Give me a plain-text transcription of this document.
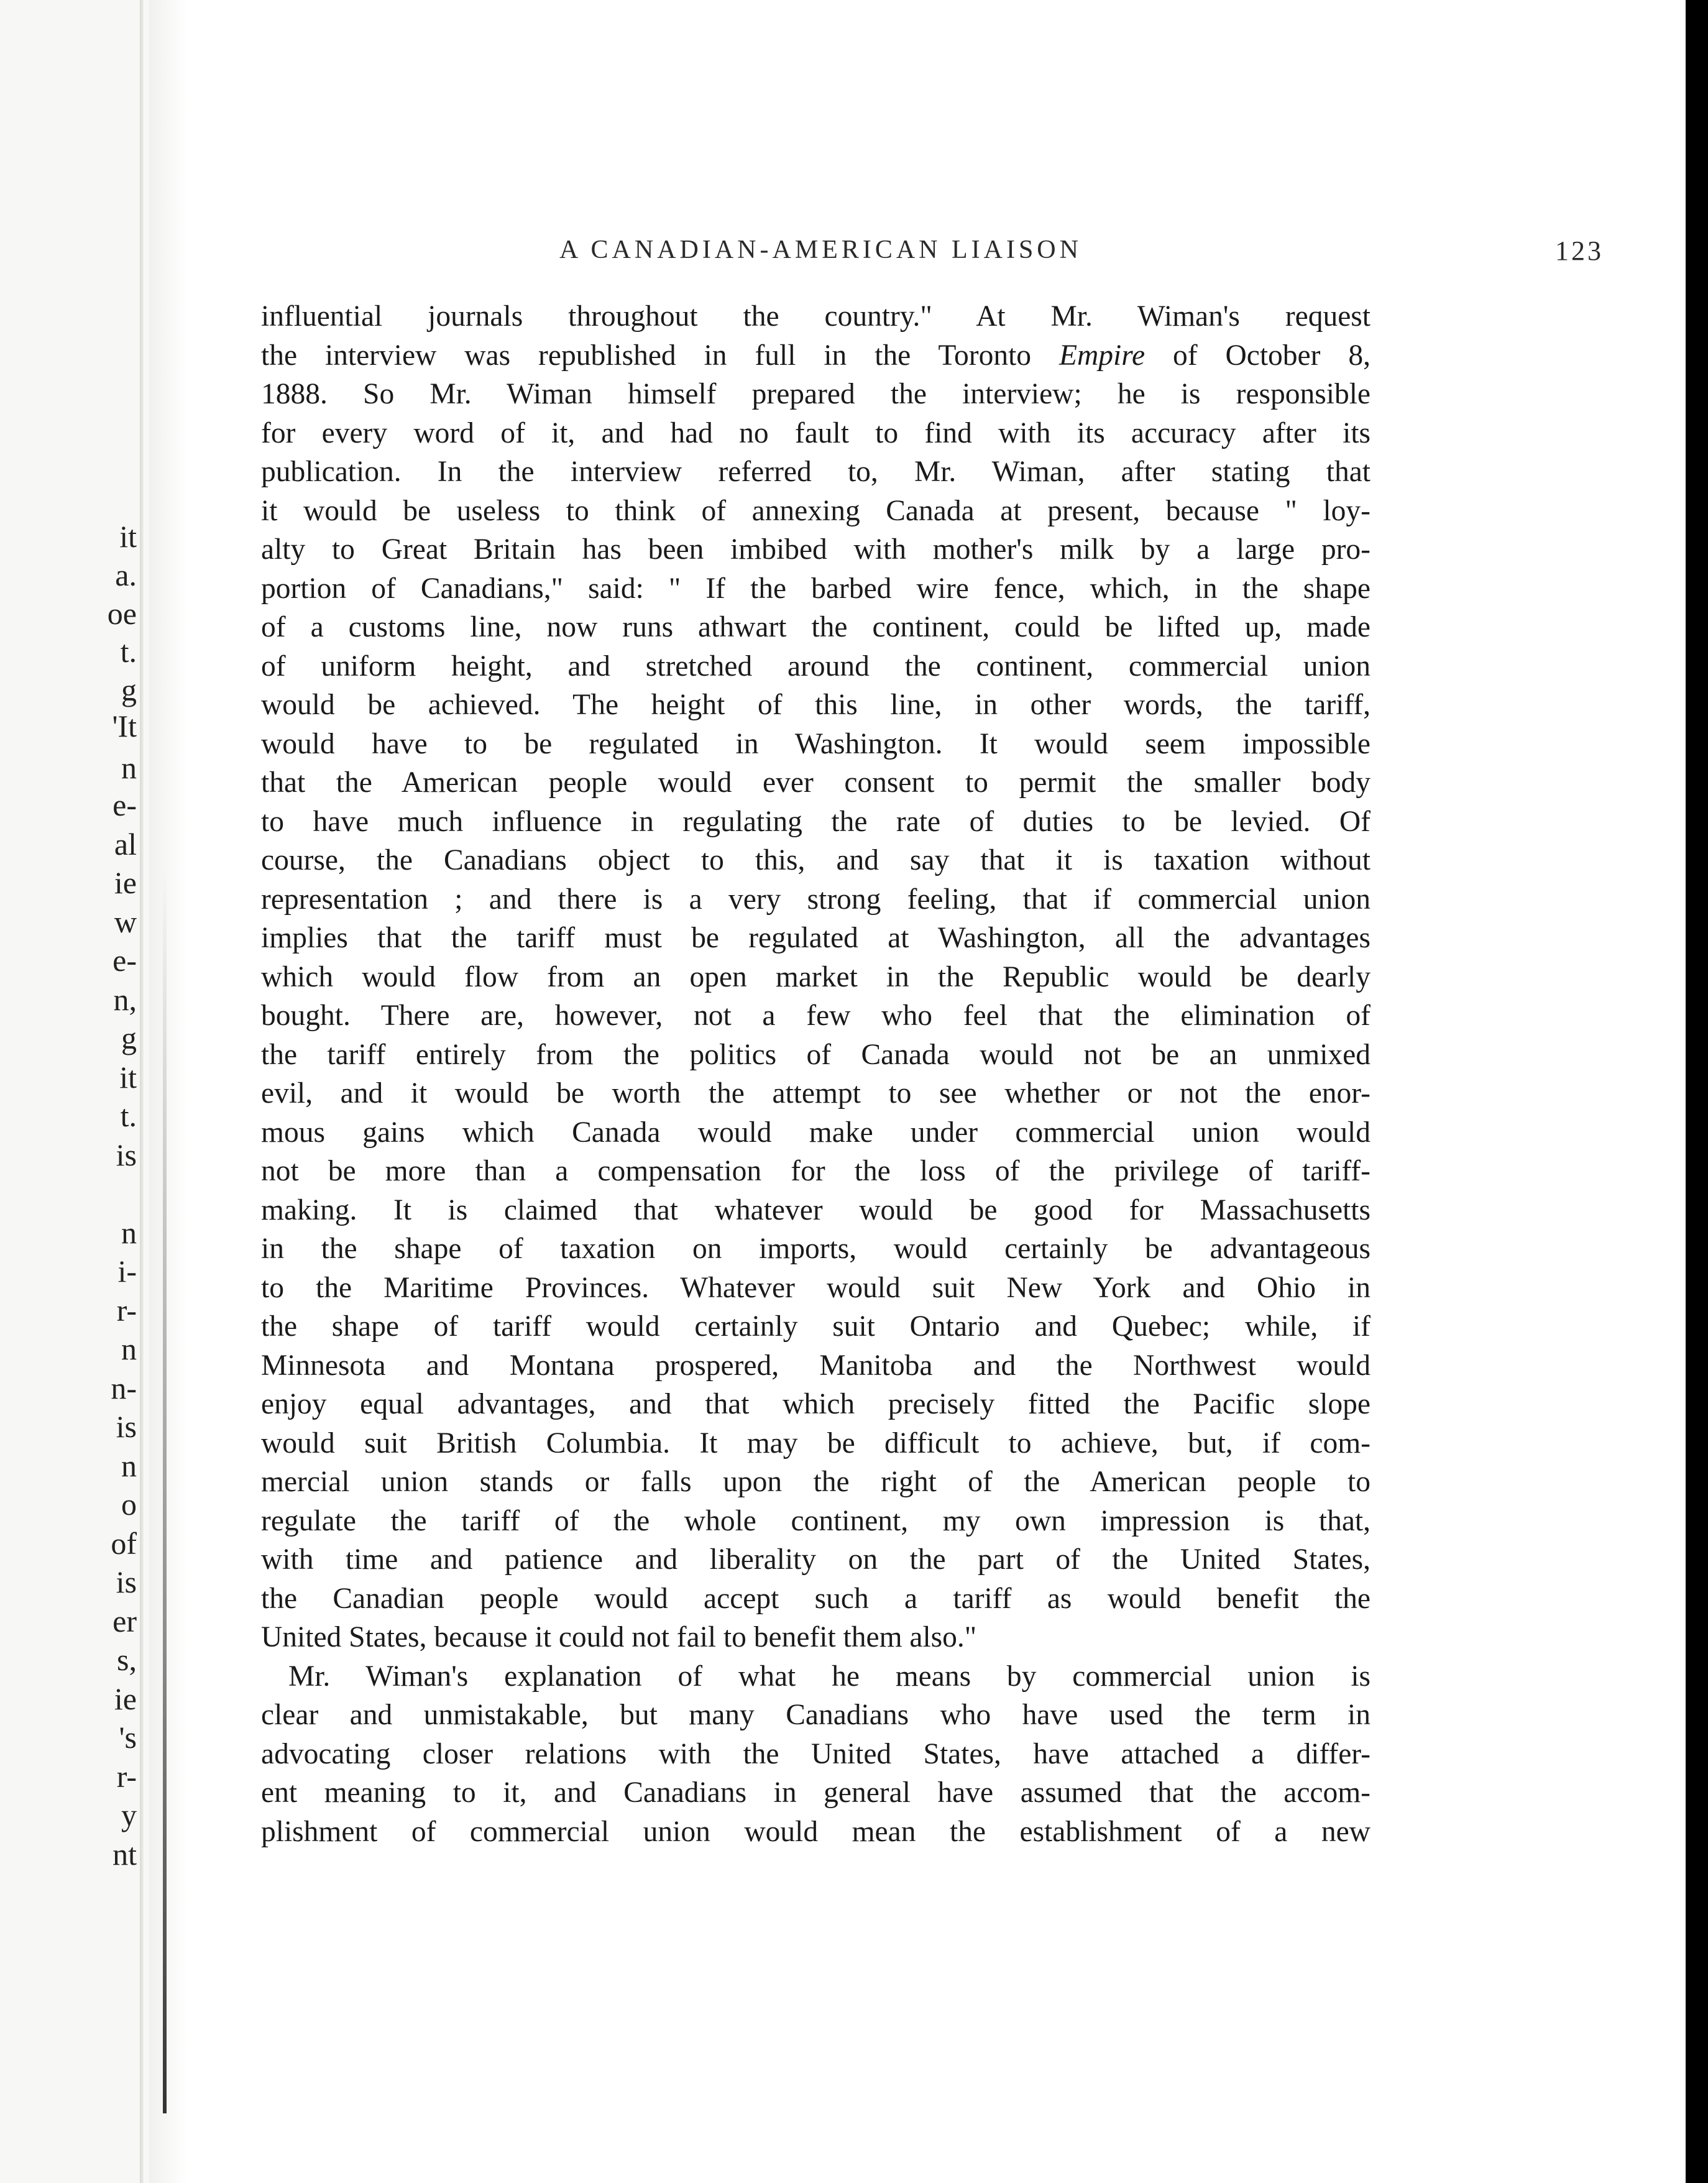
it
a.
oe
t.
g
'It
n
e-
al
ie
w
e-
n,
g
it
t.
is
n
i-
r-
n
n-
is
n
o
of
is
er
s,
ie
's
r-
y
nt
A CANADIAN-AMERICAN LIAISON	123
influential journals throughout the country." At Mr. Wiman's request
the interview was republished in full in the Toronto Empire of October 8,
1888. So Mr. Wiman himself prepared the interview; he is responsible
for every word of it, and had no fault to find with its accuracy after its
publication. In the interview referred to, Mr. Wiman, after stating that
it would be useless to think of annexing Canada at present, because " loy-
alty to Great Britain has been imbibed with mother's milk by a large pro-
portion of Canadians," said: " If the barbed wire fence, which, in the shape
of a customs line, now runs athwart the continent, could be lifted up, made
of uniform height, and stretched around the continent, commercial union
would be achieved. The height of this line, in other words, the tariff,
would have to be regulated in Washington. It would seem impossible
that the American people would ever consent to permit the smaller body
to have much influence in regulating the rate of duties to be levied. Of
course, the Canadians object to this, and say that it is taxation without
representation ; and there is a very strong feeling, that if commercial union
implies that the tariff must be regulated at Washington, all the advantages
which would flow from an open market in the Republic would be dearly
bought. There are, however, not a few who feel that the elimination of
the tariff entirely from the politics of Canada would not be an unmixed
evil, and it would be worth the attempt to see whether or not the enor-
mous gains which Canada would make under commercial union would
not be more than a compensation for the loss of the privilege of tariff-
making. It is claimed that whatever would be good for Massachusetts
in the shape of taxation on imports, would certainly be advantageous
to the Maritime Provinces. Whatever would suit New York and Ohio in
the shape of tariff would certainly suit Ontario and Quebec; while, if
Minnesota and Montana prospered, Manitoba and the Northwest would
enjoy equal advantages, and that which precisely fitted the Pacific slope
would suit British Columbia. It may be difficult to achieve, but, if com-
mercial union stands or falls upon the right of the American people to
regulate the tariff of the whole continent, my own impression is that,
with time and patience and liberality on the part of the United States,
the Canadian people would accept such a tariff as would benefit the
United States, because it could not fail to benefit them also."
Mr. Wiman's explanation of what he means by commercial union is
clear and unmistakable, but many Canadians who have used the term in
advocating closer relations with the United States, have attached a differ-
ent meaning to it, and Canadians in general have assumed that the accom-
plishment of commercial union would mean the establishment of a new
